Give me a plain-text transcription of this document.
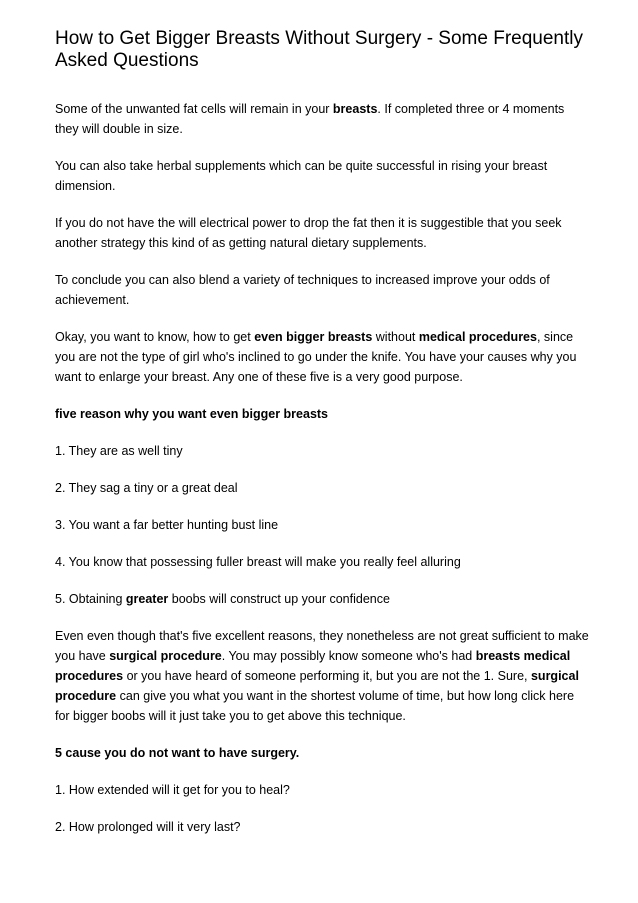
How to Get Bigger Breasts Without Surgery - Some Frequently Asked Questions

Some of the unwanted fat cells will remain in your breasts. If completed three or 4 moments they will double in size.

You can also take herbal supplements which can be quite successful in rising your breast dimension.

If you do not have the will electrical power to drop the fat then it is suggestible that you seek another strategy this kind of as getting natural dietary supplements.

To conclude you can also blend a variety of techniques to increased improve your odds of achievement.

Okay, you want to know, how to get even bigger breasts without medical procedures, since you are not the type of girl who's inclined to go under the knife. You have your causes why you want to enlarge your breast. Any one of these five is a very good purpose.

five reason why you want even bigger breasts

1. They are as well tiny
2. They sag a tiny or a great deal
3. You want a far better hunting bust line
4. You know that possessing fuller breast will make you really feel alluring
5. Obtaining greater boobs will construct up your confidence

Even even though that's five excellent reasons, they nonetheless are not great sufficient to make you have surgical procedure. You may possibly know someone who's had breasts medical procedures or you have heard of someone performing it, but you are not the 1. Sure, surgical procedure can give you what you want in the shortest volume of time, but how long click here for bigger boobs will it just take you to get above this technique.

5 cause you do not want to have surgery.

1. How extended will it get for you to heal?
2. How prolonged will it very last?
